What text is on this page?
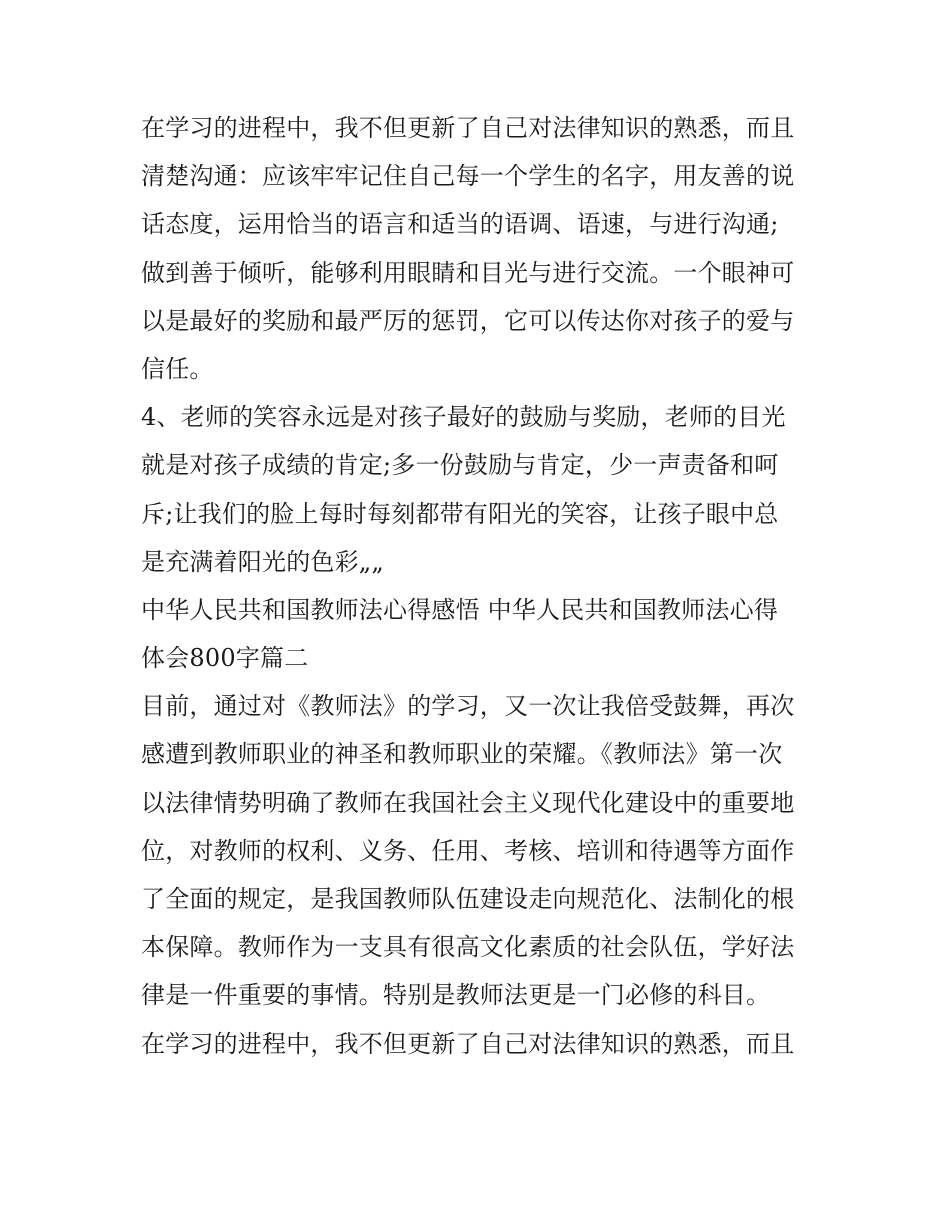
在学习的进程中，我不但更新了自己对法律知识的熟悉，而且
清楚沟通：应该牢牢记住自己每一个学生的名字，用友善的说
话态度，运用恰当的语言和适当的语调、语速，与进行沟通;
做到善于倾听，能够利用眼睛和目光与进行交流。一个眼神可
以是最好的奖励和最严厉的惩罚，它可以传达你对孩子的爱与
信任。
4、老师的笑容永远是对孩子最好的鼓励与奖励，老师的目光
就是对孩子成绩的肯定;多一份鼓励与肯定，少一声责备和呵
斥;让我们的脸上每时每刻都带有阳光的笑容，让孩子眼中总
是充满着阳光的色彩„„
中华人民共和国教师法心得感悟 中华人民共和国教师法心得
体会800字篇二
目前，通过对《教师法》的学习，又一次让我倍受鼓舞，再次
感遭到教师职业的神圣和教师职业的荣耀。《教师法》第一次
以法律情势明确了教师在我国社会主义现代化建设中的重要地
位，对教师的权利、义务、任用、考核、培训和待遇等方面作
了全面的规定，是我国教师队伍建设走向规范化、法制化的根
本保障。教师作为一支具有很高文化素质的社会队伍，学好法
律是一件重要的事情。特别是教师法更是一门必修的科目。
在学习的进程中，我不但更新了自己对法律知识的熟悉，而且
